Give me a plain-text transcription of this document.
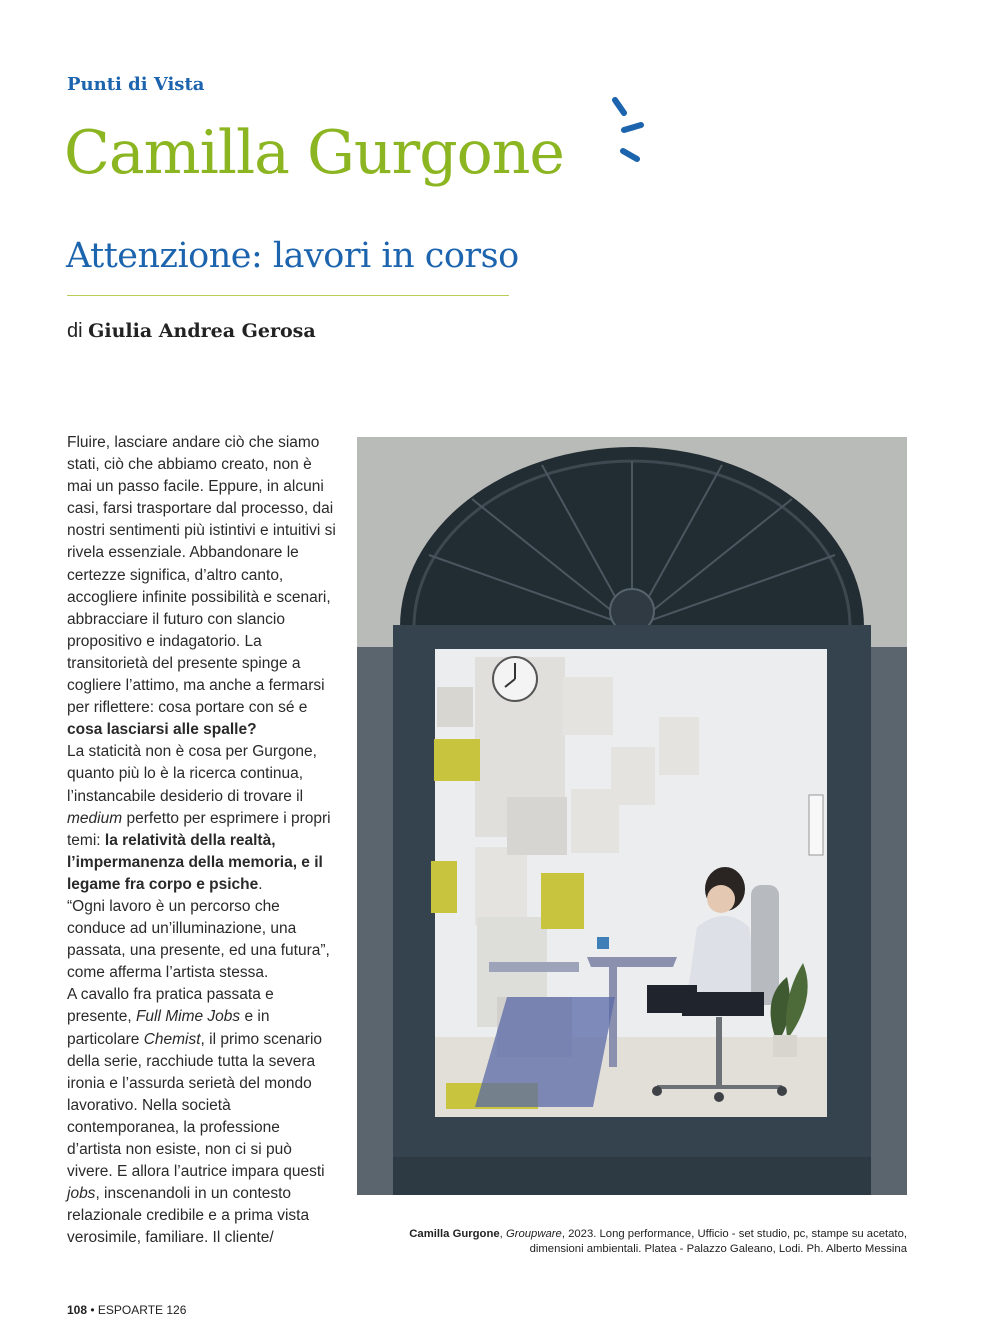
Punti di Vista
Camilla Gurgone
Attenzione: lavori in corso
di Giulia Andrea Gerosa

Fluire, lasciare andare ciò che siamo stati, ciò che abbiamo creato, non è mai un passo facile. Eppure, in alcuni casi, farsi trasportare dal processo, dai nostri sentimenti più istintivi e intuitivi si rivela essenziale. Abbandonare le certezze significa, d’altro canto, accogliere infinite possibilità e scenari, abbracciare il futuro con slancio propositivo e indagatorio. La transitorietà del presente spinge a cogliere l’attimo, ma anche a fermarsi per riflettere: cosa portare con sé e cosa lasciarsi alle spalle?

La staticità non è cosa per Gurgone, quanto più lo è la ricerca continua, l’instancabile desiderio di trovare il medium perfetto per esprimere i propri temi: la relatività della realtà, l’impermanenza della memoria, e il legame fra corpo e psiche.

“Ogni lavoro è un percorso che conduce ad un’illuminazione, una passata, una presente, ed una futura”, come afferma l’artista stessa.

A cavallo fra pratica passata e presente, Full Mime Jobs e in particolare Chemist, il primo scenario della serie, racchiude tutta la severa ironia e l’assurda serietà del mondo lavorativo. Nella società contemporanea, la professione d’artista non esiste, non ci si può vivere. E allora l’autrice impara questi jobs, inscenandoli in un contesto relazionale credibile e a prima vista verosimile, familiare. Il cliente/	Camilla Gurgone, Groupware, 2023. Long performance, Ufficio - set studio, pc, stampe su acetato, dimensioni ambientali. Platea - Palazzo Galeano, Lodi. Ph. Alberto Messina
108 • ESPOARTE 126
